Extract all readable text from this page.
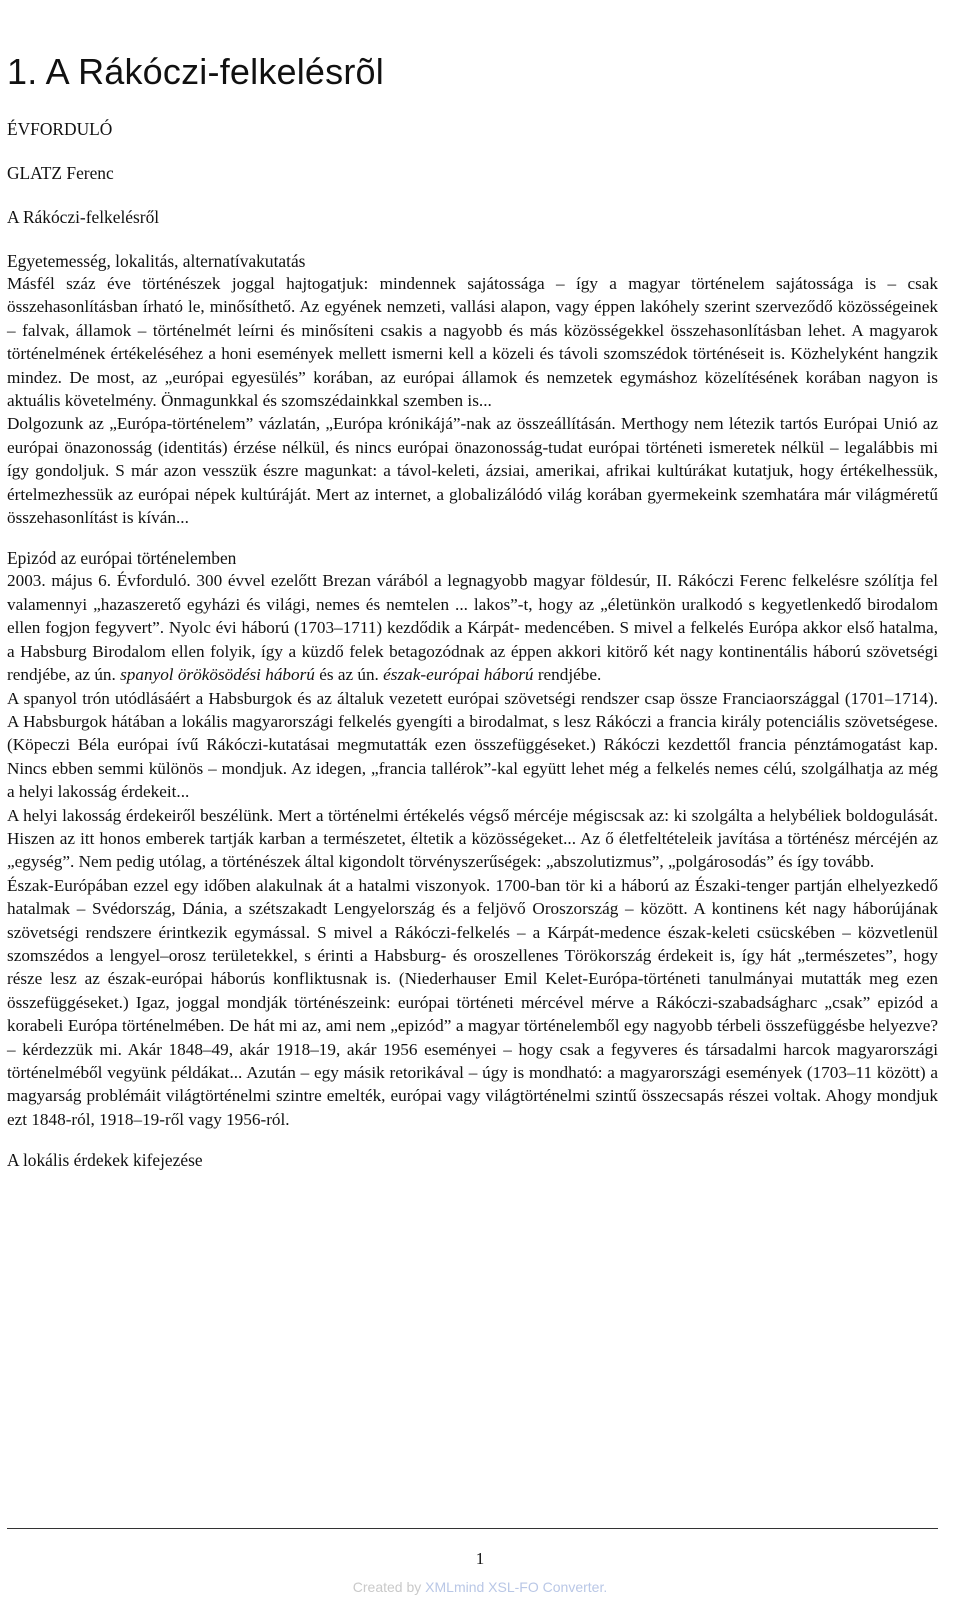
1. A Rákóczi-felkelésrõl
ÉVFORDULÓ
GLATZ Ferenc
A Rákóczi-felkelésről
Egyetemesség, lokalitás, alternatívakutatás

Másfél száz éve történészek joggal hajtogatjuk: mindennek sajátossága – így a magyar történelem sajátossága is – csak összehasonlításban írható le, minősíthető. Az egyének nemzeti, vallási alapon, vagy éppen lakóhely szerint szerveződő közösségeinek – falvak, államok – történelmét leírni és minősíteni csakis a nagyobb és más közösségekkel összehasonlításban lehet. A magyarok történelmének értékeléséhez a honi események mellett ismerni kell a közeli és távoli szomszédok történéseit is. Közhelyként hangzik mindez. De most, az „európai egyesülés” korában, az európai államok és nemzetek egymáshoz közelítésének korában nagyon is aktuális követelmény. Önmagunkkal és szomszédainkkal szemben is...

Dolgozunk az „Európa-történelem” vázlatán, „Európa krónikájá”-nak az összeállításán. Merthogy nem létezik tartós Európai Unió az európai önazonosság (identitás) érzése nélkül, és nincs európai önazonosság-tudat európai történeti ismeretek nélkül – legalábbis mi így gondoljuk. S már azon vesszük észre magunkat: a távol-keleti, ázsiai, amerikai, afrikai kultúrákat kutatjuk, hogy értékelhessük, értelmezhessük az európai népek kultúráját. Mert az internet, a globalizálódó világ korában gyermekeink szemhatára már világméretű összehasonlítást is kíván...

Epizód az európai történelemben

2003. május 6. Évforduló. 300 évvel ezelőtt Brezan várából a legnagyobb magyar földesúr, II. Rákóczi Ferenc felkelésre szólítja fel valamennyi „hazaszerető egyházi és világi, nemes és nemtelen ... lakos”-t, hogy az „életünkön uralkodó s kegyetlenkedő birodalom ellen fogjon fegyvert”. Nyolc évi háború (1703–1711) kezdődik a Kárpát- medencében. S mivel a felkelés Európa akkor első hatalma, a Habsburg Birodalom ellen folyik, így a küzdő felek betagozódnak az éppen akkori kitörő két nagy kontinentális háború szövetségi rendjébe, az ún. spanyol örökösödési háború és az ún. észak-európai háború rendjébe.

A spanyol trón utódlásáért a Habsburgok és az általuk vezetett európai szövetségi rendszer csap össze Franciaországgal (1701–1714). A Habsburgok hátában a lokális magyarországi felkelés gyengíti a birodalmat, s lesz Rákóczi a francia király potenciális szövetségese. (Köpeczi Béla európai ívű Rákóczi-kutatásai megmutatták ezen összefüggéseket.) Rákóczi kezdettől francia pénztámogatást kap. Nincs ebben semmi különös – mondjuk. Az idegen, „francia tallérok”-kal együtt lehet még a felkelés nemes célú, szolgálhatja az még a helyi lakosság érdekeit...

A helyi lakosság érdekeiről beszélünk. Mert a történelmi értékelés végső mércéje mégiscsak az: ki szolgálta a helybéliek boldogulását. Hiszen az itt honos emberek tartják karban a természetet, éltetik a közösségeket... Az ő életfeltételeik javítása a történész mércéjén az „egység”. Nem pedig utólag, a történészek által kigondolt törvényszerűségek: „abszolutizmus”, „polgárosodás” és így tovább.

Észak-Európában ezzel egy időben alakulnak át a hatalmi viszonyok. 1700-ban tör ki a háború az Északi-tenger partján elhelyezkedő hatalmak – Svédország, Dánia, a szétszakadt Lengyelország és a feljövő Oroszország – között. A kontinens két nagy háborújának szövetségi rendszere érintkezik egymással. S mivel a Rákóczi-felkelés – a Kárpát-medence észak-keleti csücskében – közvetlenül szomszédos a lengyel–orosz területekkel, s érinti a Habsburg- és oroszellenes Törökország érdekeit is, így hát „természetes”, hogy része lesz az észak-európai háborús konfliktusnak is. (Niederhauser Emil Kelet-Európa-történeti tanulmányai mutatták meg ezen összefüggéseket.) Igaz, joggal mondják történészeink: európai történeti mércével mérve a Rákóczi-szabadságharc „csak” epizód a korabeli Európa történelmében. De hát mi az, ami nem „epizód” a magyar történelemből egy nagyobb térbeli összefüggésbe helyezve? – kérdezzük mi. Akár 1848–49, akár 1918–19, akár 1956 eseményei – hogy csak a fegyveres és társadalmi harcok magyarországi történelméből vegyünk példákat... Azután – egy másik retorikával – úgy is mondható: a magyarországi események (1703–11 között) a magyarság problémáit világtörténelmi szintre emelték, európai vagy világtörténelmi szintű összecsapás részei voltak. Ahogy mondjuk ezt 1848-ról, 1918–19-ről vagy 1956-ról.

A lokális érdekek kifejezése
1
Created by XMLmind XSL-FO Converter.
